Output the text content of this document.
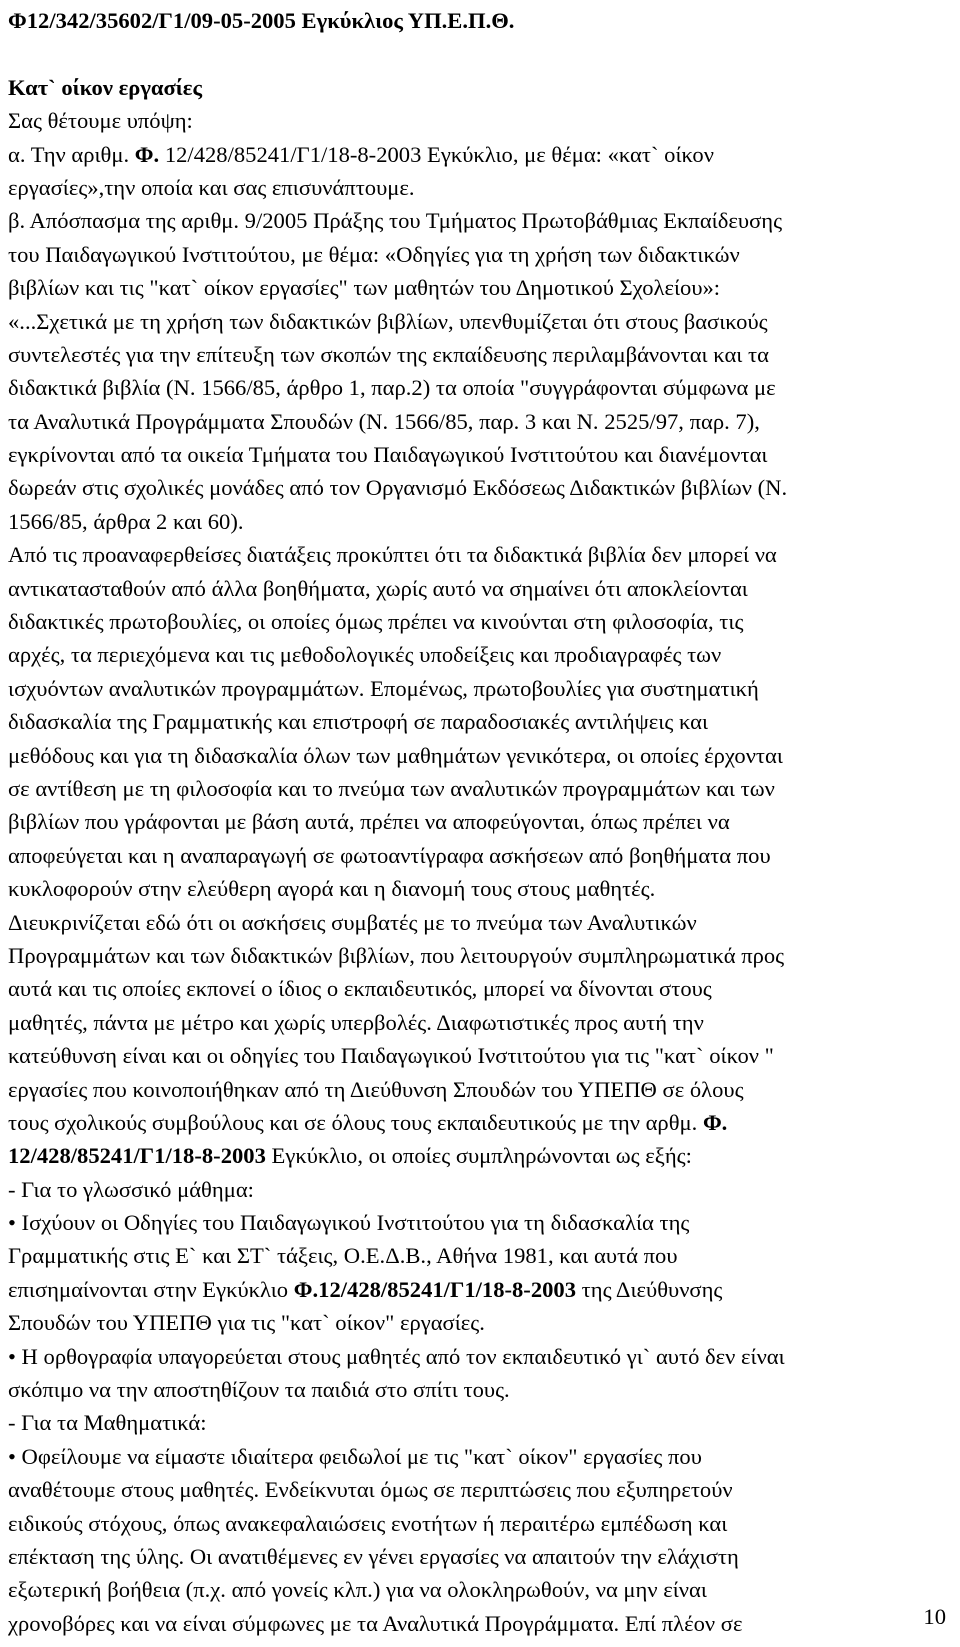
Φ12/342/35602/Γ1/09-05-2005 Εγκύκλιος ΥΠ.Ε.Π.Θ.
Κατ` οίκον εργασίες
Σας θέτουμε υπόψη:
α. Την αριθμ. Φ. 12/428/85241/Γ1/18-8-2003 Εγκύκλιο, με θέμα: «κατ` οίκον
εργασίες»,την οποία και σας επισυνάπτουμε.
β. Απόσπασμα της αριθμ. 9/2005 Πράξης του Τμήματος Πρωτοβάθμιας Εκπαίδευσης
του Παιδαγωγικού Ινστιτούτου, με θέμα: «Οδηγίες για τη χρήση των διδακτικών
βιβλίων και τις "κατ` οίκον εργασίες" των μαθητών του Δημοτικού Σχολείου»:
«...Σχετικά με τη χρήση των διδακτικών βιβλίων, υπενθυμίζεται ότι στους βασικούς
συντελεστές για την επίτευξη των σκοπών της εκπαίδευσης περιλαμβάνονται και τα
διδακτικά βιβλία (Ν. 1566/85, άρθρο 1, παρ.2) τα οποία "συγγράφονται σύμφωνα με
τα Αναλυτικά Προγράμματα Σπουδών (Ν. 1566/85, παρ. 3 και Ν. 2525/97, παρ. 7),
εγκρίνονται από τα οικεία Τμήματα του Παιδαγωγικού Ινστιτούτου και διανέμονται
δωρεάν στις σχολικές μονάδες από τον Οργανισμό Εκδόσεως Διδακτικών βιβλίων (Ν.
1566/85, άρθρα 2 και 60).
Από τις προαναφερθείσες διατάξεις προκύπτει ότι τα διδακτικά βιβλία δεν μπορεί να
αντικατασταθούν από άλλα βοηθήματα, χωρίς αυτό να σημαίνει ότι αποκλείονται
διδακτικές πρωτοβουλίες, οι οποίες όμως πρέπει να κινούνται στη φιλοσοφία, τις
αρχές, τα περιεχόμενα και τις μεθοδολογικές υποδείξεις και προδιαγραφές των
ισχυόντων αναλυτικών προγραμμάτων. Επομένως, πρωτοβουλίες για συστηματική
διδασκαλία της Γραμματικής και επιστροφή σε παραδοσιακές αντιλήψεις και
μεθόδους και για τη διδασκαλία όλων των μαθημάτων γενικότερα, οι οποίες έρχονται
σε αντίθεση με τη φιλοσοφία και το πνεύμα των αναλυτικών προγραμμάτων και των
βιβλίων που γράφονται με βάση αυτά, πρέπει να αποφεύγονται, όπως πρέπει να
αποφεύγεται και η αναπαραγωγή σε φωτοαντίγραφα ασκήσεων από βοηθήματα που
κυκλοφορούν στην ελεύθερη αγορά και η διανομή τους στους μαθητές.
Διευκρινίζεται εδώ ότι οι ασκήσεις συμβατές με το πνεύμα των Αναλυτικών
Προγραμμάτων και των διδακτικών βιβλίων, που λειτουργούν συμπληρωματικά προς
αυτά και τις οποίες εκπονεί ο ίδιος ο εκπαιδευτικός, μπορεί να δίνονται στους
μαθητές, πάντα με μέτρο και χωρίς υπερβολές. Διαφωτιστικές προς αυτή την
κατεύθυνση είναι και οι οδηγίες του Παιδαγωγικού Ινστιτούτου για τις "κατ` οίκον "
εργασίες που κοινοποιήθηκαν από τη Διεύθυνση Σπουδών του ΥΠΕΠΘ σε όλους
τους σχολικούς συμβούλους και σε όλους τους εκπαιδευτικούς με την αρθμ. Φ.
12/428/85241/Γ1/18-8-2003 Εγκύκλιο, οι οποίες συμπληρώνονται ως εξής:
- Για το γλωσσικό μάθημα:
• Ισχύουν οι Οδηγίες του Παιδαγωγικού Ινστιτούτου για τη διδασκαλία της
Γραμματικής στις Ε` και ΣΤ` τάξεις, Ο.Ε.Δ.Β., Αθήνα 1981, και αυτά που
επισημαίνονται στην Εγκύκλιο Φ.12/428/85241/Γ1/18-8-2003 της Διεύθυνσης
Σπουδών του ΥΠΕΠΘ για τις "κατ` οίκον" εργασίες.
• Η ορθογραφία υπαγορεύεται στους μαθητές από τον εκπαιδευτικό γι` αυτό δεν είναι
σκόπιμο να την αποστηθίζουν τα παιδιά στο σπίτι τους.
- Για τα Μαθηματικά:
• Οφείλουμε να είμαστε ιδιαίτερα φειδωλοί με τις "κατ` οίκον" εργασίες που
αναθέτουμε στους μαθητές. Ενδείκνυται όμως σε περιπτώσεις που εξυπηρετούν
ειδικούς στόχους, όπως ανακεφαλαιώσεις ενοτήτων ή περαιτέρω εμπέδωση και
επέκταση της ύλης. Οι ανατιθέμενες εν γένει εργασίες να απαιτούν την ελάχιστη
εξωτερική βοήθεια (π.χ. από γονείς κλπ.) για να ολοκληρωθούν, να μην είναι
χρονοβόρες και να είναι σύμφωνες με τα Αναλυτικά Προγράμματα. Επί πλέον σε	10
